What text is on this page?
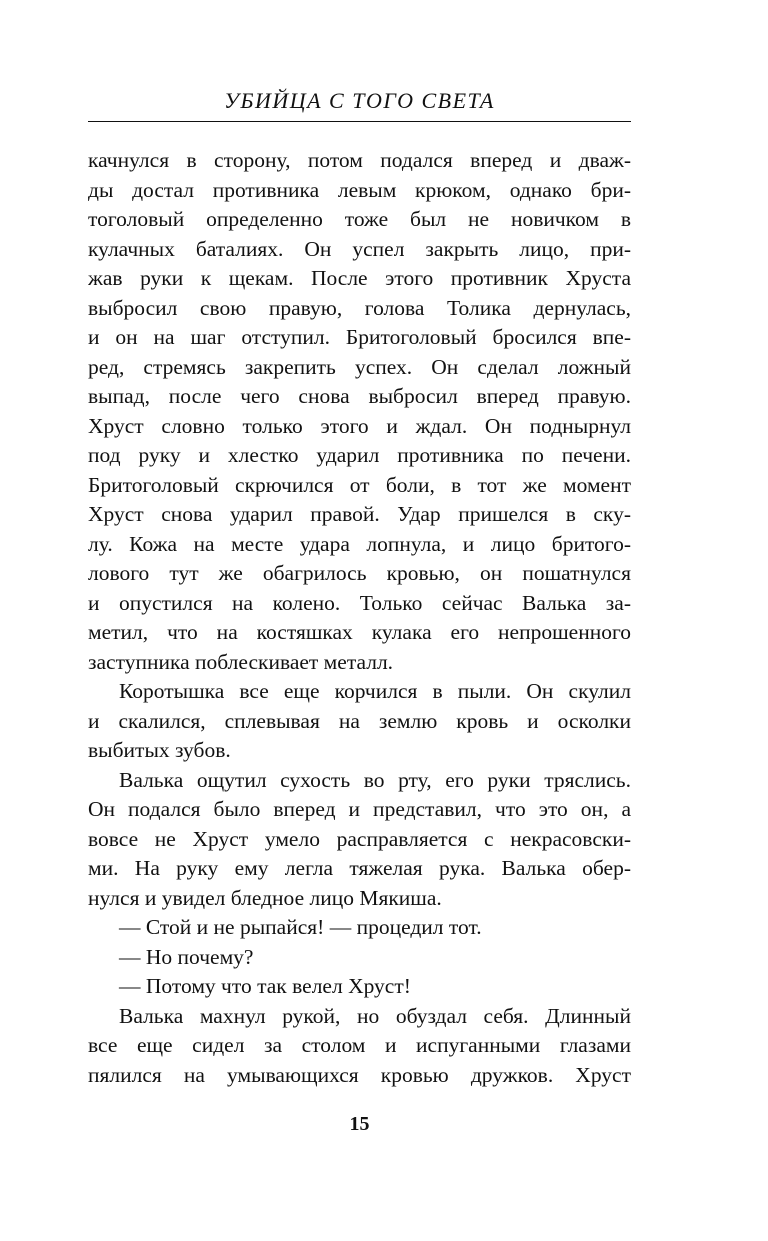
УБИЙЦА С ТОГО СВЕТА
качнулся в сторону, потом подался вперед и дваж-
ды достал противника левым крюком, однако бри-
тоголовый определенно тоже был не новичком в
кулачных баталиях. Он успел закрыть лицо, при-
жав руки к щекам. После этого противник Хруста
выбросил свою правую, голова Толика дернулась,
и он на шаг отступил. Бритоголовый бросился впе-
ред, стремясь закрепить успех. Он сделал ложный
выпад, после чего снова выбросил вперед правую.
Хруст словно только этого и ждал. Он поднырнул
под руку и хлестко ударил противника по печени.
Бритоголовый скрючился от боли, в тот же момент
Хруст снова ударил правой. Удар пришелся в ску-
лу. Кожа на месте удара лопнула, и лицо бритого-
лового тут же обагрилось кровью, он пошатнулся
и опустился на колено. Только сейчас Валька за-
метил, что на костяшках кулака его непрошенного
заступника поблескивает металл.
Коротышка все еще корчился в пыли. Он скулил
и скалился, сплевывая на землю кровь и осколки
выбитых зубов.
Валька ощутил сухость во рту, его руки тряслись.
Он подался было вперед и представил, что это он, а
вовсе не Хруст умело расправляется с некрасовски-
ми. На руку ему легла тяжелая рука. Валька обер-
нулся и увидел бледное лицо Мякиша.
— Стой и не рыпайся! — процедил тот.
— Но почему?
— Потому что так велел Хруст!
Валька махнул рукой, но обуздал себя. Длинный
все еще сидел за столом и испуганными глазами
пялился на умывающихся кровью дружков. Хруст
15
